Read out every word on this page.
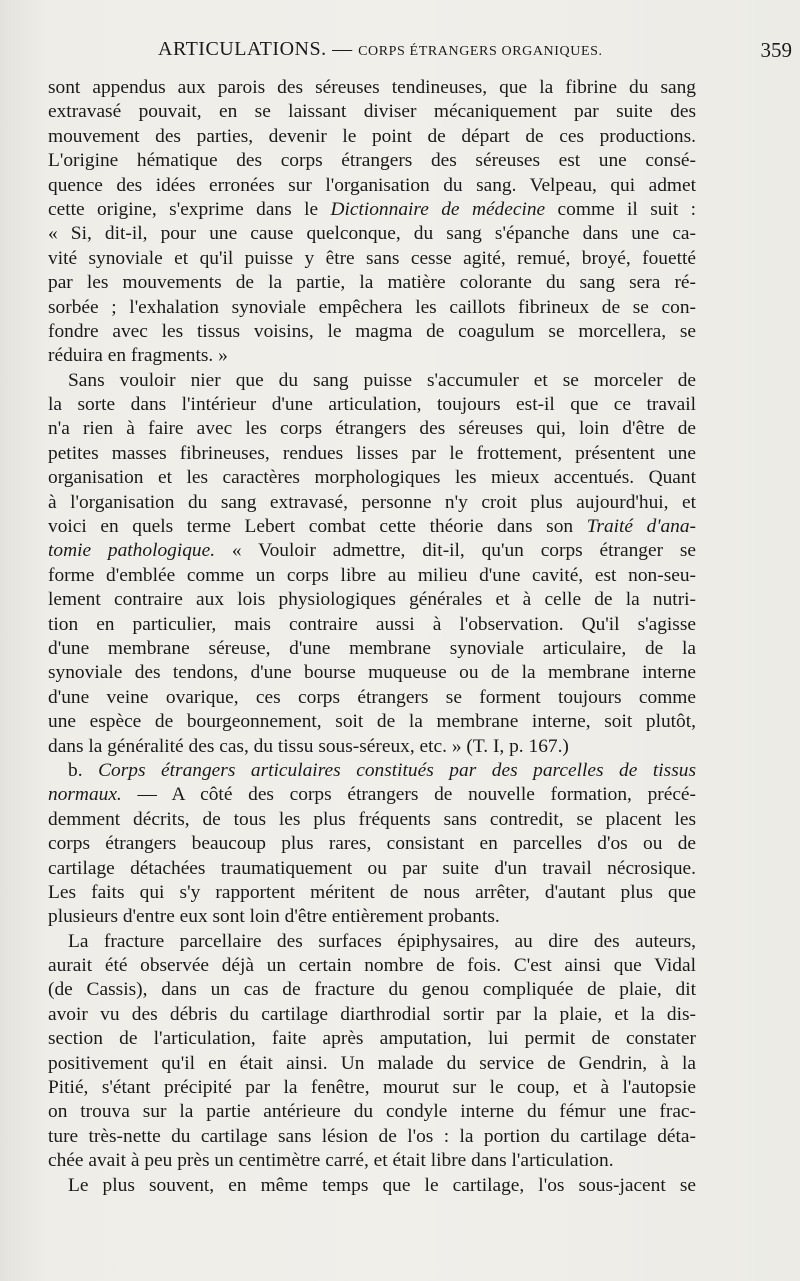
ARTICULATIONS. — CORPS ÉTRANGERS ORGANIQUES.	359
sont appendus aux parois des séreuses tendineuses, que la fibrine du sang
extravasé pouvait, en se laissant diviser mécaniquement par suite des
mouvement des parties, devenir le point de départ de ces productions.
L'origine hématique des corps étrangers des séreuses est une consé-
quence des idées erronées sur l'organisation du sang. Velpeau, qui admet
cette origine, s'exprime dans le Dictionnaire de médecine comme il suit :
« Si, dit-il, pour une cause quelconque, du sang s'épanche dans une ca-
vité synoviale et qu'il puisse y être sans cesse agité, remué, broyé, fouetté
par les mouvements de la partie, la matière colorante du sang sera ré-
sorbée ; l'exhalation synoviale empêchera les caillots fibrineux de se con-
fondre avec les tissus voisins, le magma de coagulum se morcellera, se
réduira en fragments. »
Sans vouloir nier que du sang puisse s'accumuler et se morceler de
la sorte dans l'intérieur d'une articulation, toujours est-il que ce travail
n'a rien à faire avec les corps étrangers des séreuses qui, loin d'être de
petites masses fibrineuses, rendues lisses par le frottement, présentent une
organisation et les caractères morphologiques les mieux accentués. Quant
à l'organisation du sang extravasé, personne n'y croit plus aujourd'hui, et
voici en quels terme Lebert combat cette théorie dans son Traité d'ana-
tomie pathologique. « Vouloir admettre, dit-il, qu'un corps étranger se
forme d'emblée comme un corps libre au milieu d'une cavité, est non-seu-
lement contraire aux lois physiologiques générales et à celle de la nutri-
tion en particulier, mais contraire aussi à l'observation. Qu'il s'agisse
d'une membrane séreuse, d'une membrane synoviale articulaire, de la
synoviale des tendons, d'une bourse muqueuse ou de la membrane interne
d'une veine ovarique, ces corps étrangers se forment toujours comme
une espèce de bourgeonnement, soit de la membrane interne, soit plutôt,
dans la généralité des cas, du tissu sous-séreux, etc. » (T. I, p. 167.)
b. Corps étrangers articulaires constitués par des parcelles de tissus
normaux. — A côté des corps étrangers de nouvelle formation, précé-
demment décrits, de tous les plus fréquents sans contredit, se placent les
corps étrangers beaucoup plus rares, consistant en parcelles d'os ou de
cartilage détachées traumatiquement ou par suite d'un travail nécrosique.
Les faits qui s'y rapportent méritent de nous arrêter, d'autant plus que
plusieurs d'entre eux sont loin d'être entièrement probants.
La fracture parcellaire des surfaces épiphysaires, au dire des auteurs,
aurait été observée déjà un certain nombre de fois. C'est ainsi que Vidal
(de Cassis), dans un cas de fracture du genou compliquée de plaie, dit
avoir vu des débris du cartilage diarthrodial sortir par la plaie, et la dis-
section de l'articulation, faite après amputation, lui permit de constater
positivement qu'il en était ainsi. Un malade du service de Gendrin, à la
Pitié, s'étant précipité par la fenêtre, mourut sur le coup, et à l'autopsie
on trouva sur la partie antérieure du condyle interne du fémur une frac-
ture très-nette du cartilage sans lésion de l'os : la portion du cartilage déta-
chée avait à peu près un centimètre carré, et était libre dans l'articulation.
Le plus souvent, en même temps que le cartilage, l'os sous-jacent se
